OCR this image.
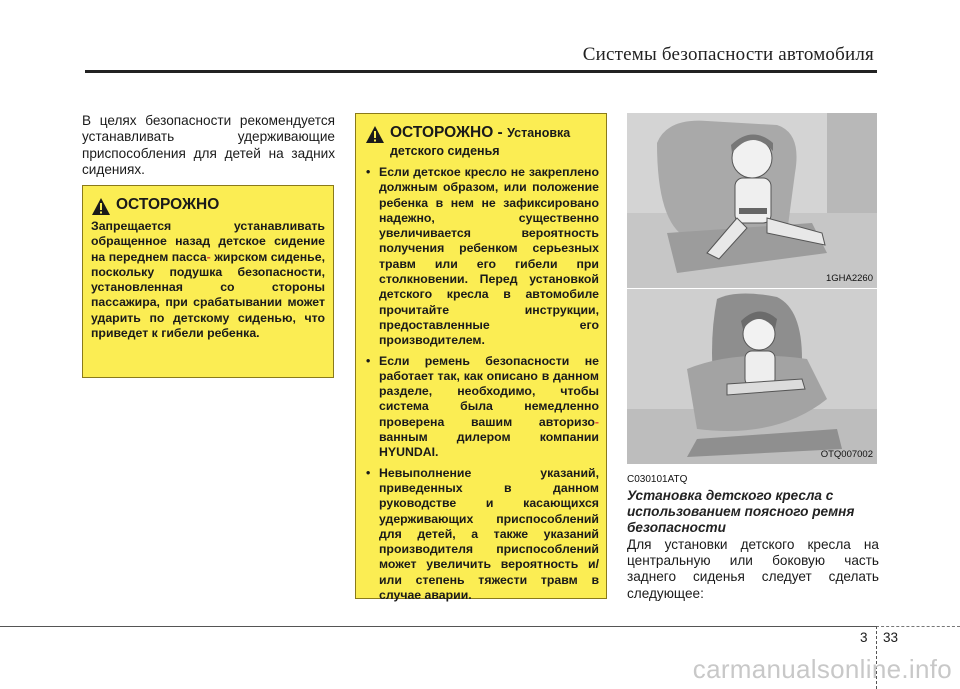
Системы безопасности автомобиля

В целях безопасности рекомендуется устанавливать удерживающие приспособления для детей на задних сидениях.

ОСТОРОЖНО

Запрещается устанавливать обращенное назад детское сидение на переднем пасса- жирском сиденье, поскольку подушка безопасности, установленная со стороны пассажира, при срабатывании может ударить по детскому сиденью, что приведет к гибели ребенка.

ОСТОРОЖНО - Установка
детского сиденья
• Если детское кресло не закреплено должным образом, или положение ребенка в нем не зафиксировано надежно, существенно увеличивается вероятность получения ребенком серьезных травм или его гибели при столкновении. Перед установкой детского кресла в автомобиле прочитайте инструкции, предоставленные его производителем.
• Если ремень безопасности не работает так, как описано в данном разделе, необходимо, чтобы система была немедленно проверена вашим авторизо- ванным дилером компании HYUNDAI.
• Невыполнение указаний, приведенных в данном руководстве и касающихся удерживающих приспособлений для детей, а также указаний производителя приспособлений может увеличить вероятность и/или степень тяжести травм в случае аварии.
1GHA2260
OTQ007002
C030101ATQ

Установка детского кресла с использованием поясного ремня безопасности

Для установки детского кресла на центральную или боковую часть заднего сиденья следует сделать следующее:

3 33
carmanualsonline.info
